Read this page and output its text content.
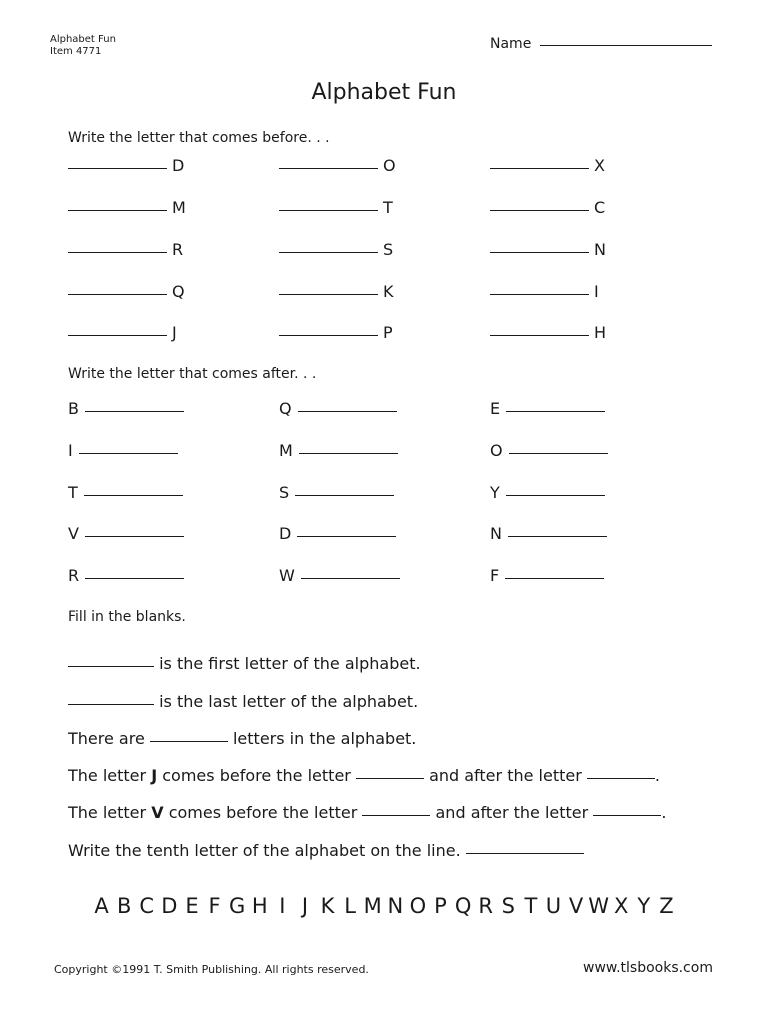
Alphabet Fun
Item 4771	Name
Alphabet Fun
Write the letter that comes before. . .
D	O	X
M	T	C
R	S	N
Q	K	I
J	P	H
Write the letter that comes after. . .
B	Q	E
I	M	O
T	S	Y
V	D	N
R	W	F
Fill in the blanks.
is the first letter of the alphabet.
is the last letter of the alphabet.
There are	letters in the alphabet.
The letter J comes before the letter	and after the letter	.
The letter V comes before the letter	and after the letter	.
Write the tenth letter of the alphabet on the line.
A B C D E F G H I J K L M N O P Q R S T U V W X Y Z
Copyright ©1991 T. Smith Publishing. All rights reserved.	www.tlsbooks.com
